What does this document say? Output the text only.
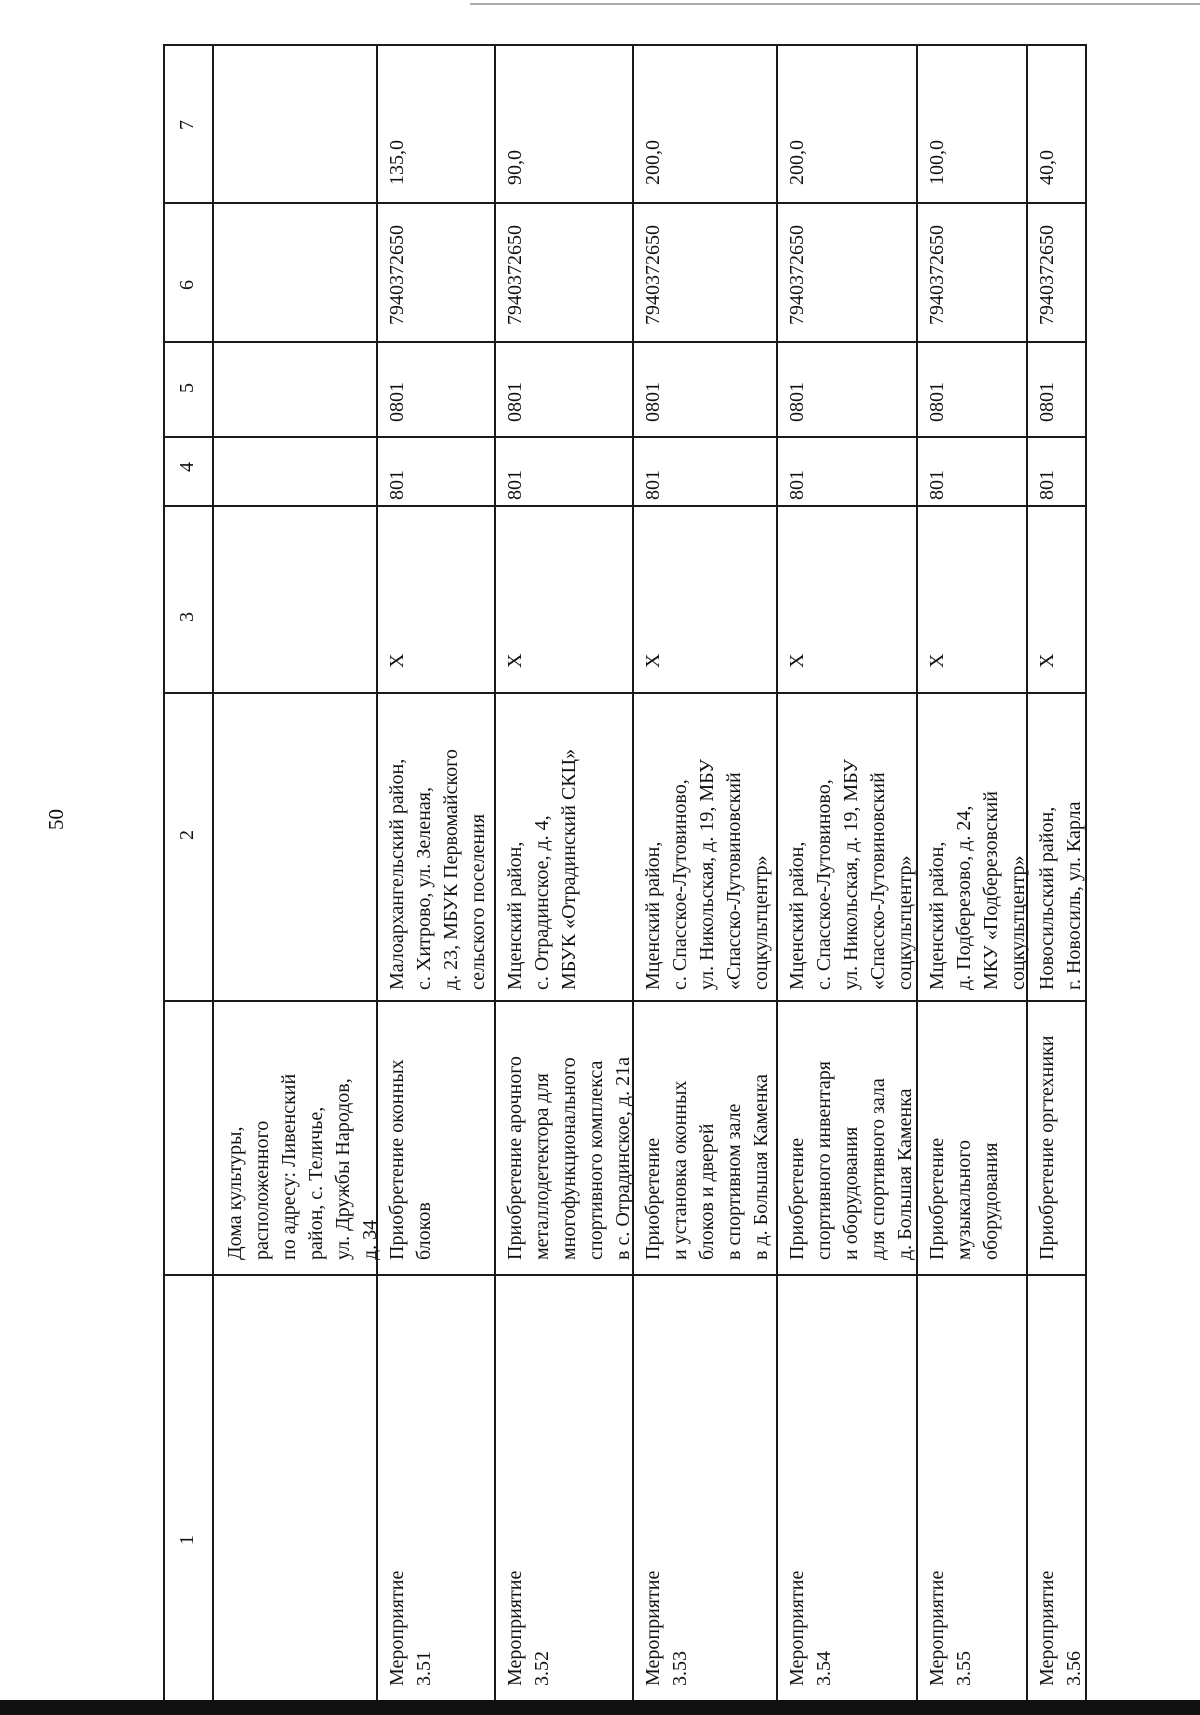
50
1
2
3
4
5
6
7
Дома культуры, расположенного по адресу: Ливенский район, с. Теличье, ул. Дружбы Народов, д. 34
Мероприятие 3.51
Приобретение оконных блоков
Малоархангельский район, с. Хитрово, ул. Зеленая, д. 23, МБУК Первомайского сельского поселения
X
801
0801
7940372650
135,0
Мероприятие 3.52
Приобретение арочного металлодетектора для многофункционального спортивного комплекса в с. Отрадинское, д. 21а
Мценский район, с. Отрадинское, д. 4, МБУК «Отрадинский СКЦ»
X
801
0801
7940372650
90,0
Мероприятие 3.53
Приобретение и установка оконных блоков и дверей в спортивном зале в д. Большая Каменка
Мценский район, с. Спасское-Лутовиново, ул. Никольская, д. 19, МБУ «Спасско-Лутовиновский соцкультцентр»
X
801
0801
7940372650
200,0
Мероприятие 3.54
Приобретение спортивного инвентаря и оборудования для спортивного зала д. Большая Каменка
Мценский район, с. Спасское-Лутовиново, ул. Никольская, д. 19, МБУ «Спасско-Лутовиновский соцкультцентр»
X
801
0801
7940372650
200,0
Мероприятие 3.55
Приобретение музыкального оборудования
Мценский район, д. Подберезово, д. 24, МКУ «Подберезовский соцкультцентр»
X
801
0801
7940372650
100,0
Мероприятие 3.56
Приобретение оргтехники
Новосильский район, г. Новосиль, ул. Карла
X
801
0801
7940372650
40,0
